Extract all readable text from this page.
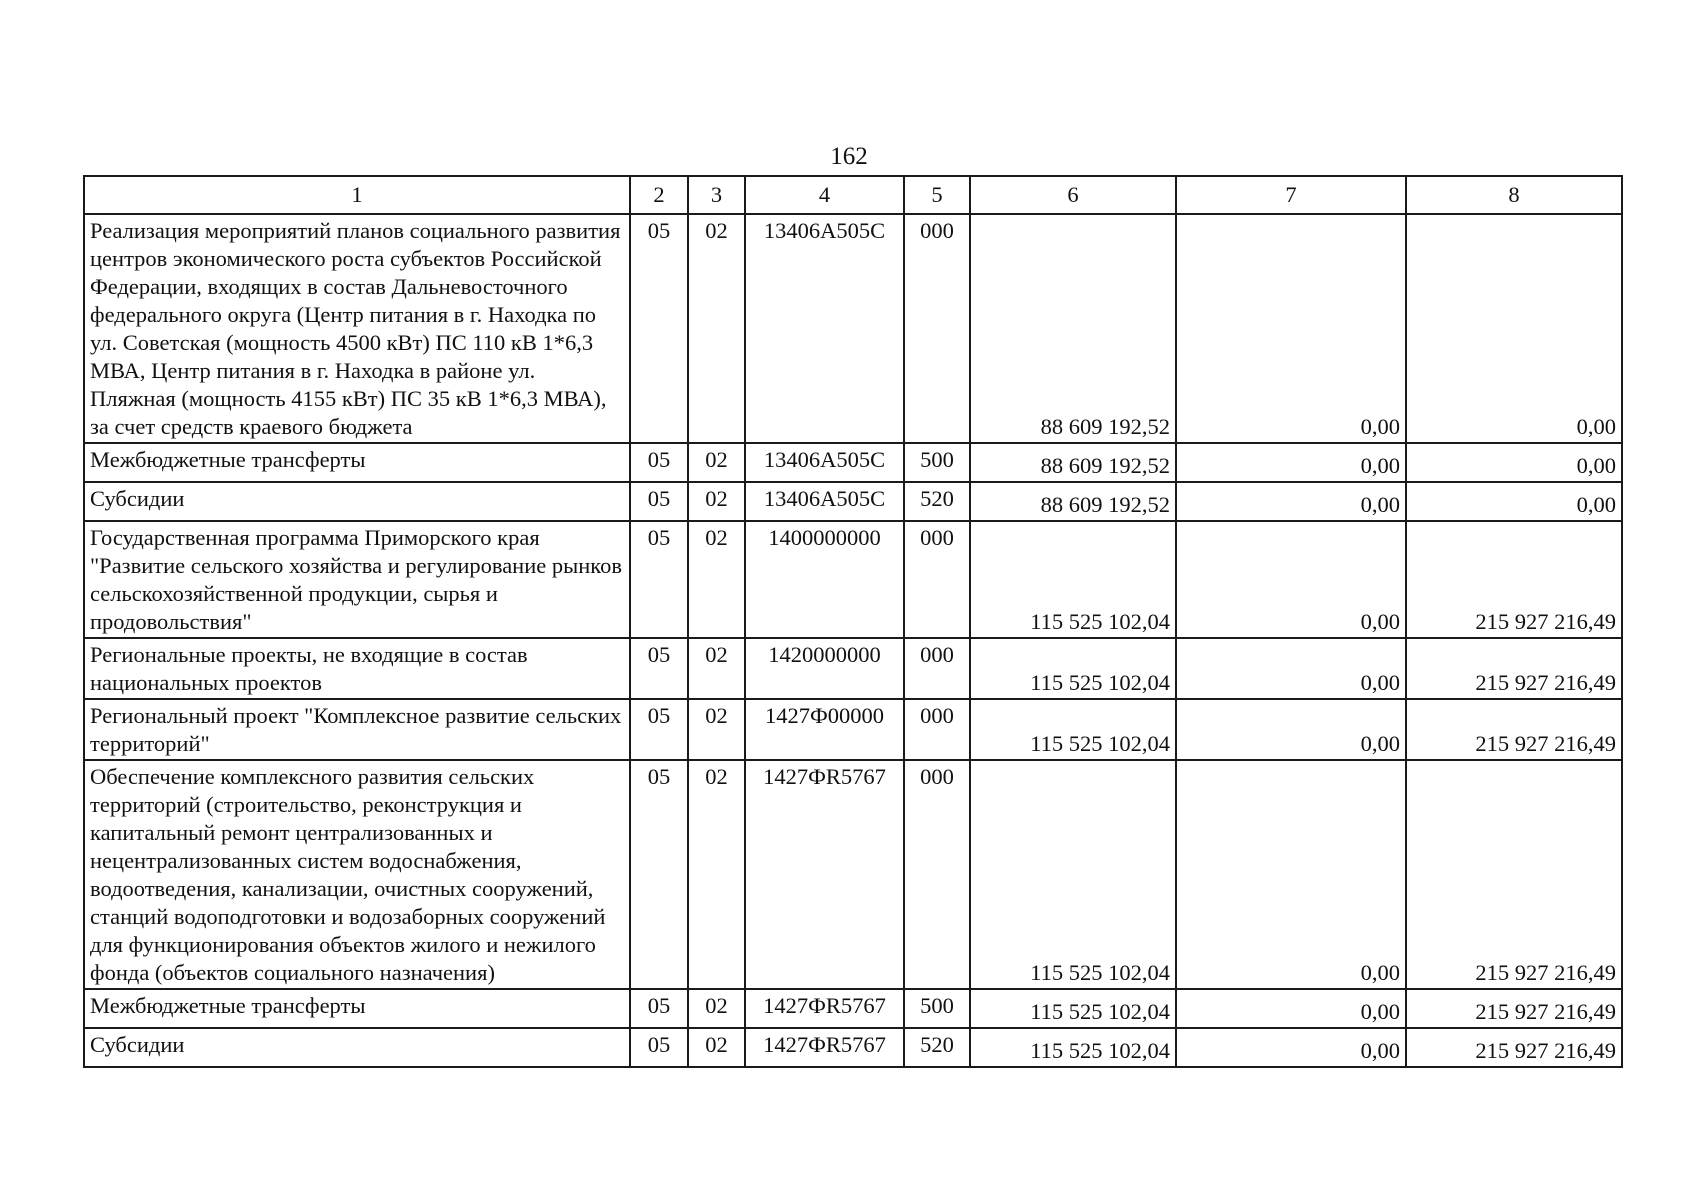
162
1	2	3	4	5	6	7	8
Реализация мероприятий планов социального развития центров экономического роста субъектов Российской Федерации, входящих в состав Дальневосточного федерального округа (Центр питания в г. Находка по ул. Советская (мощность 4500 кВт) ПС 110 кВ 1*6,3 МВА, Центр питания в г. Находка в районе ул. Пляжная (мощность 4155 кВт) ПС 35 кВ 1*6,3 МВА), за счет средств краевого бюджета	05	02	13406A505C	000	88 609 192,52	0,00	0,00
Межбюджетные трансферты	05	02	13406A505C	500	88 609 192,52	0,00	0,00
Субсидии	05	02	13406A505C	520	88 609 192,52	0,00	0,00
Государственная программа Приморского края "Развитие сельского хозяйства и регулирование рынков сельскохозяйственной продукции, сырья и продовольствия"	05	02	1400000000	000	115 525 102,04	0,00	215 927 216,49
Региональные проекты, не входящие в состав национальных проектов	05	02	1420000000	000	115 525 102,04	0,00	215 927 216,49
Региональный проект "Комплексное развитие сельских территорий"	05	02	1427Ф00000	000	115 525 102,04	0,00	215 927 216,49
Обеспечение комплексного развития сельских территорий (строительство, реконструкция и капитальный ремонт централизованных и нецентрализованных систем водоснабжения, водоотведения, канализации, очистных сооружений, станций водоподготовки и водозаборных сооружений для функционирования объектов жилого и нежилого фонда (объектов социального назначения)	05	02	1427ФR5767	000	115 525 102,04	0,00	215 927 216,49
Межбюджетные трансферты	05	02	1427ФR5767	500	115 525 102,04	0,00	215 927 216,49
Субсидии	05	02	1427ФR5767	520	115 525 102,04	0,00	215 927 216,49
